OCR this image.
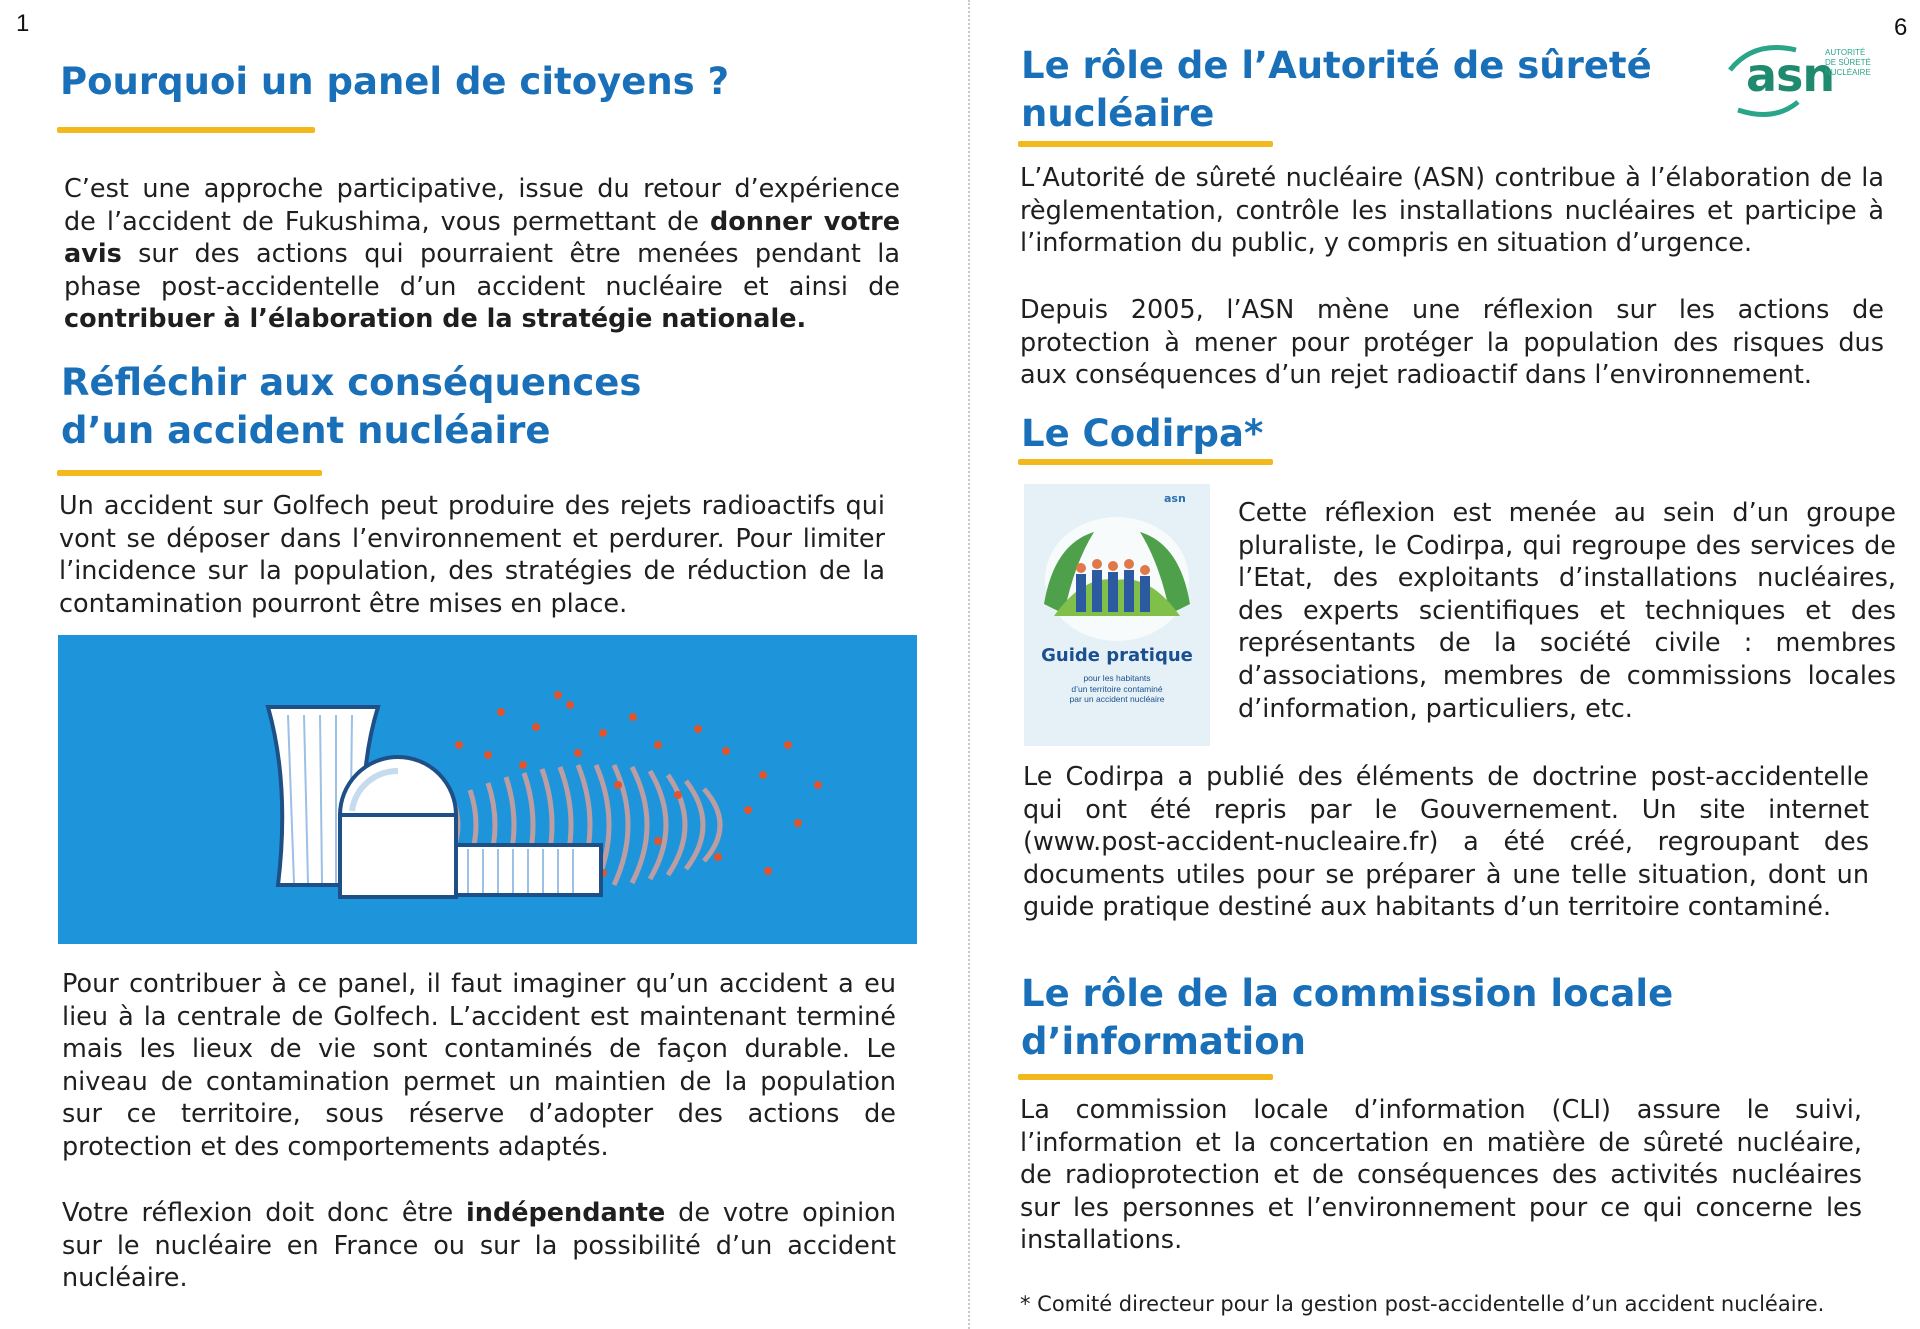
1	6
Pourquoi un panel de citoyens ?

C’est une approche participative, issue du retour d’expérience de l’accident de Fukushima, vous permettant de donner votre avis sur des actions qui pourraient être menées pendant la phase post-accidentelle d’un accident nucléaire et ainsi de contribuer à l’élaboration de la stratégie nationale.

Réfléchir aux conséquences
d’un accident nucléaire

Un accident sur Golfech peut produire des rejets radioactifs qui vont se déposer dans l’environnement et perdurer. Pour limiter l’incidence sur la population, des stratégies de réduction de la contamination pourront être mises en place.

Pour contribuer à ce panel, il faut imaginer qu’un accident a eu lieu à la centrale de Golfech. L’accident est maintenant terminé mais les lieux de vie sont contaminés de façon durable. Le niveau de contamination permet un maintien de la population sur ce territoire, sous réserve d’adopter des actions de protection et des comportements adaptés.

Votre réflexion doit donc être indépendante de votre opinion sur le nucléaire en France ou sur la possibilité d’un accident nucléaire.

asn
AUTORITÉ
DE SÛRETÉ
NUCLÉAIRE
Le rôle de l’Autorité de sûreté
nucléaire

L’Autorité de sûreté nucléaire (ASN) contribue à l’élaboration de la règlementation, contrôle les installations nucléaires et participe à l’information du public, y compris en situation d’urgence.

Depuis 2005, l’ASN mène une réflexion sur les actions de protection à mener pour protéger la population des risques dus aux conséquences d’un rejet radioactif dans l’environnement.

Le Codirpa*
asn
Guide pratique
pour les habitants
d’un territoire contaminé
par un accident nucléaire

Cette réflexion est menée au sein d’un groupe pluraliste, le Codirpa, qui regroupe des services de l’Etat, des exploitants d’installations nucléaires, des experts scientifiques et techniques et des représentants de la société civile : membres d’associations, membres de commissions locales d’information, particuliers, etc.

Le Codirpa a publié des éléments de doctrine post-accidentelle qui ont été repris par le Gouvernement. Un site internet (www.post-accident-nucleaire.fr) a été créé, regroupant des documents utiles pour se préparer à une telle situation, dont un guide pratique destiné aux habitants d’un territoire contaminé.

Le rôle de la commission locale
d’information

La commission locale d’information (CLI) assure le suivi, l’information et la concertation en matière de sûreté nucléaire, de radioprotection et de conséquences des activités nucléaires sur les personnes et l’environnement pour ce qui concerne les installations.

* Comité directeur pour la gestion post-accidentelle d’un accident nucléaire.
